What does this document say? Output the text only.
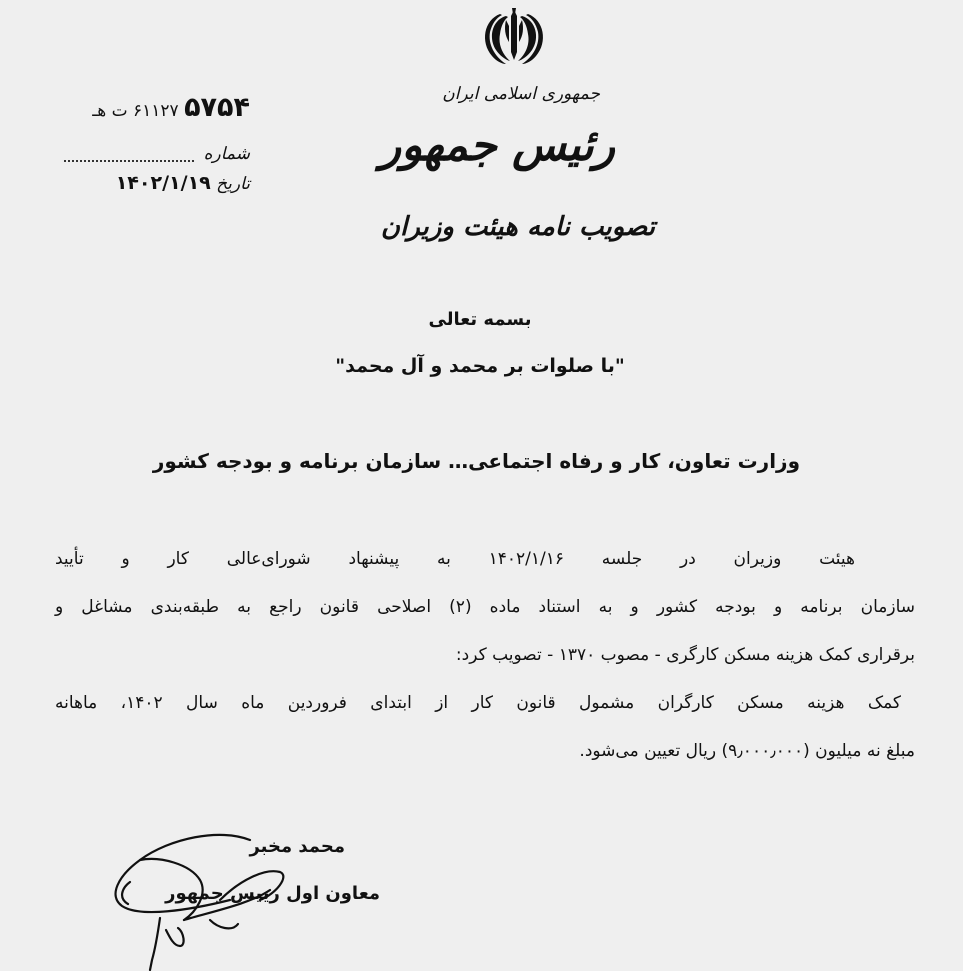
جمهوری اسلامی ایران
رئیس جمهور
تصویب نامه هیئت وزیران
۵۷۵۴ ۶۱۱۲۷ ت هـ
شماره
تاریخ ۱۴۰۲/۱/۱۹
بسمه تعالی
"با صلوات بر محمد و آل محمد"
وزارت تعاون، کار و رفاه اجتماعی… سازمان برنامه و بودجه کشور
هیئت وزیران در جلسه ۱۴۰۲/۱/۱۶ به پیشنهاد شورای‌عالی کار و تأیید
سازمان برنامه و بودجه کشور و به استناد ماده (۲) اصلاحی قانون راجع به طبقه‌بندی مشاغل و
برقراری کمک هزینه مسکن کارگری - مصوب ۱۳۷۰ - تصویب کرد:
کمک هزینه مسکن کارگران مشمول قانون کار از ابتدای فروردین ماه سال ۱۴۰۲، ماهانه
مبلغ نه میلیون (۹٫۰۰۰٫۰۰۰) ریال تعیین می‌شود.
محمد مخبر
معاون اول رییس جمهور
